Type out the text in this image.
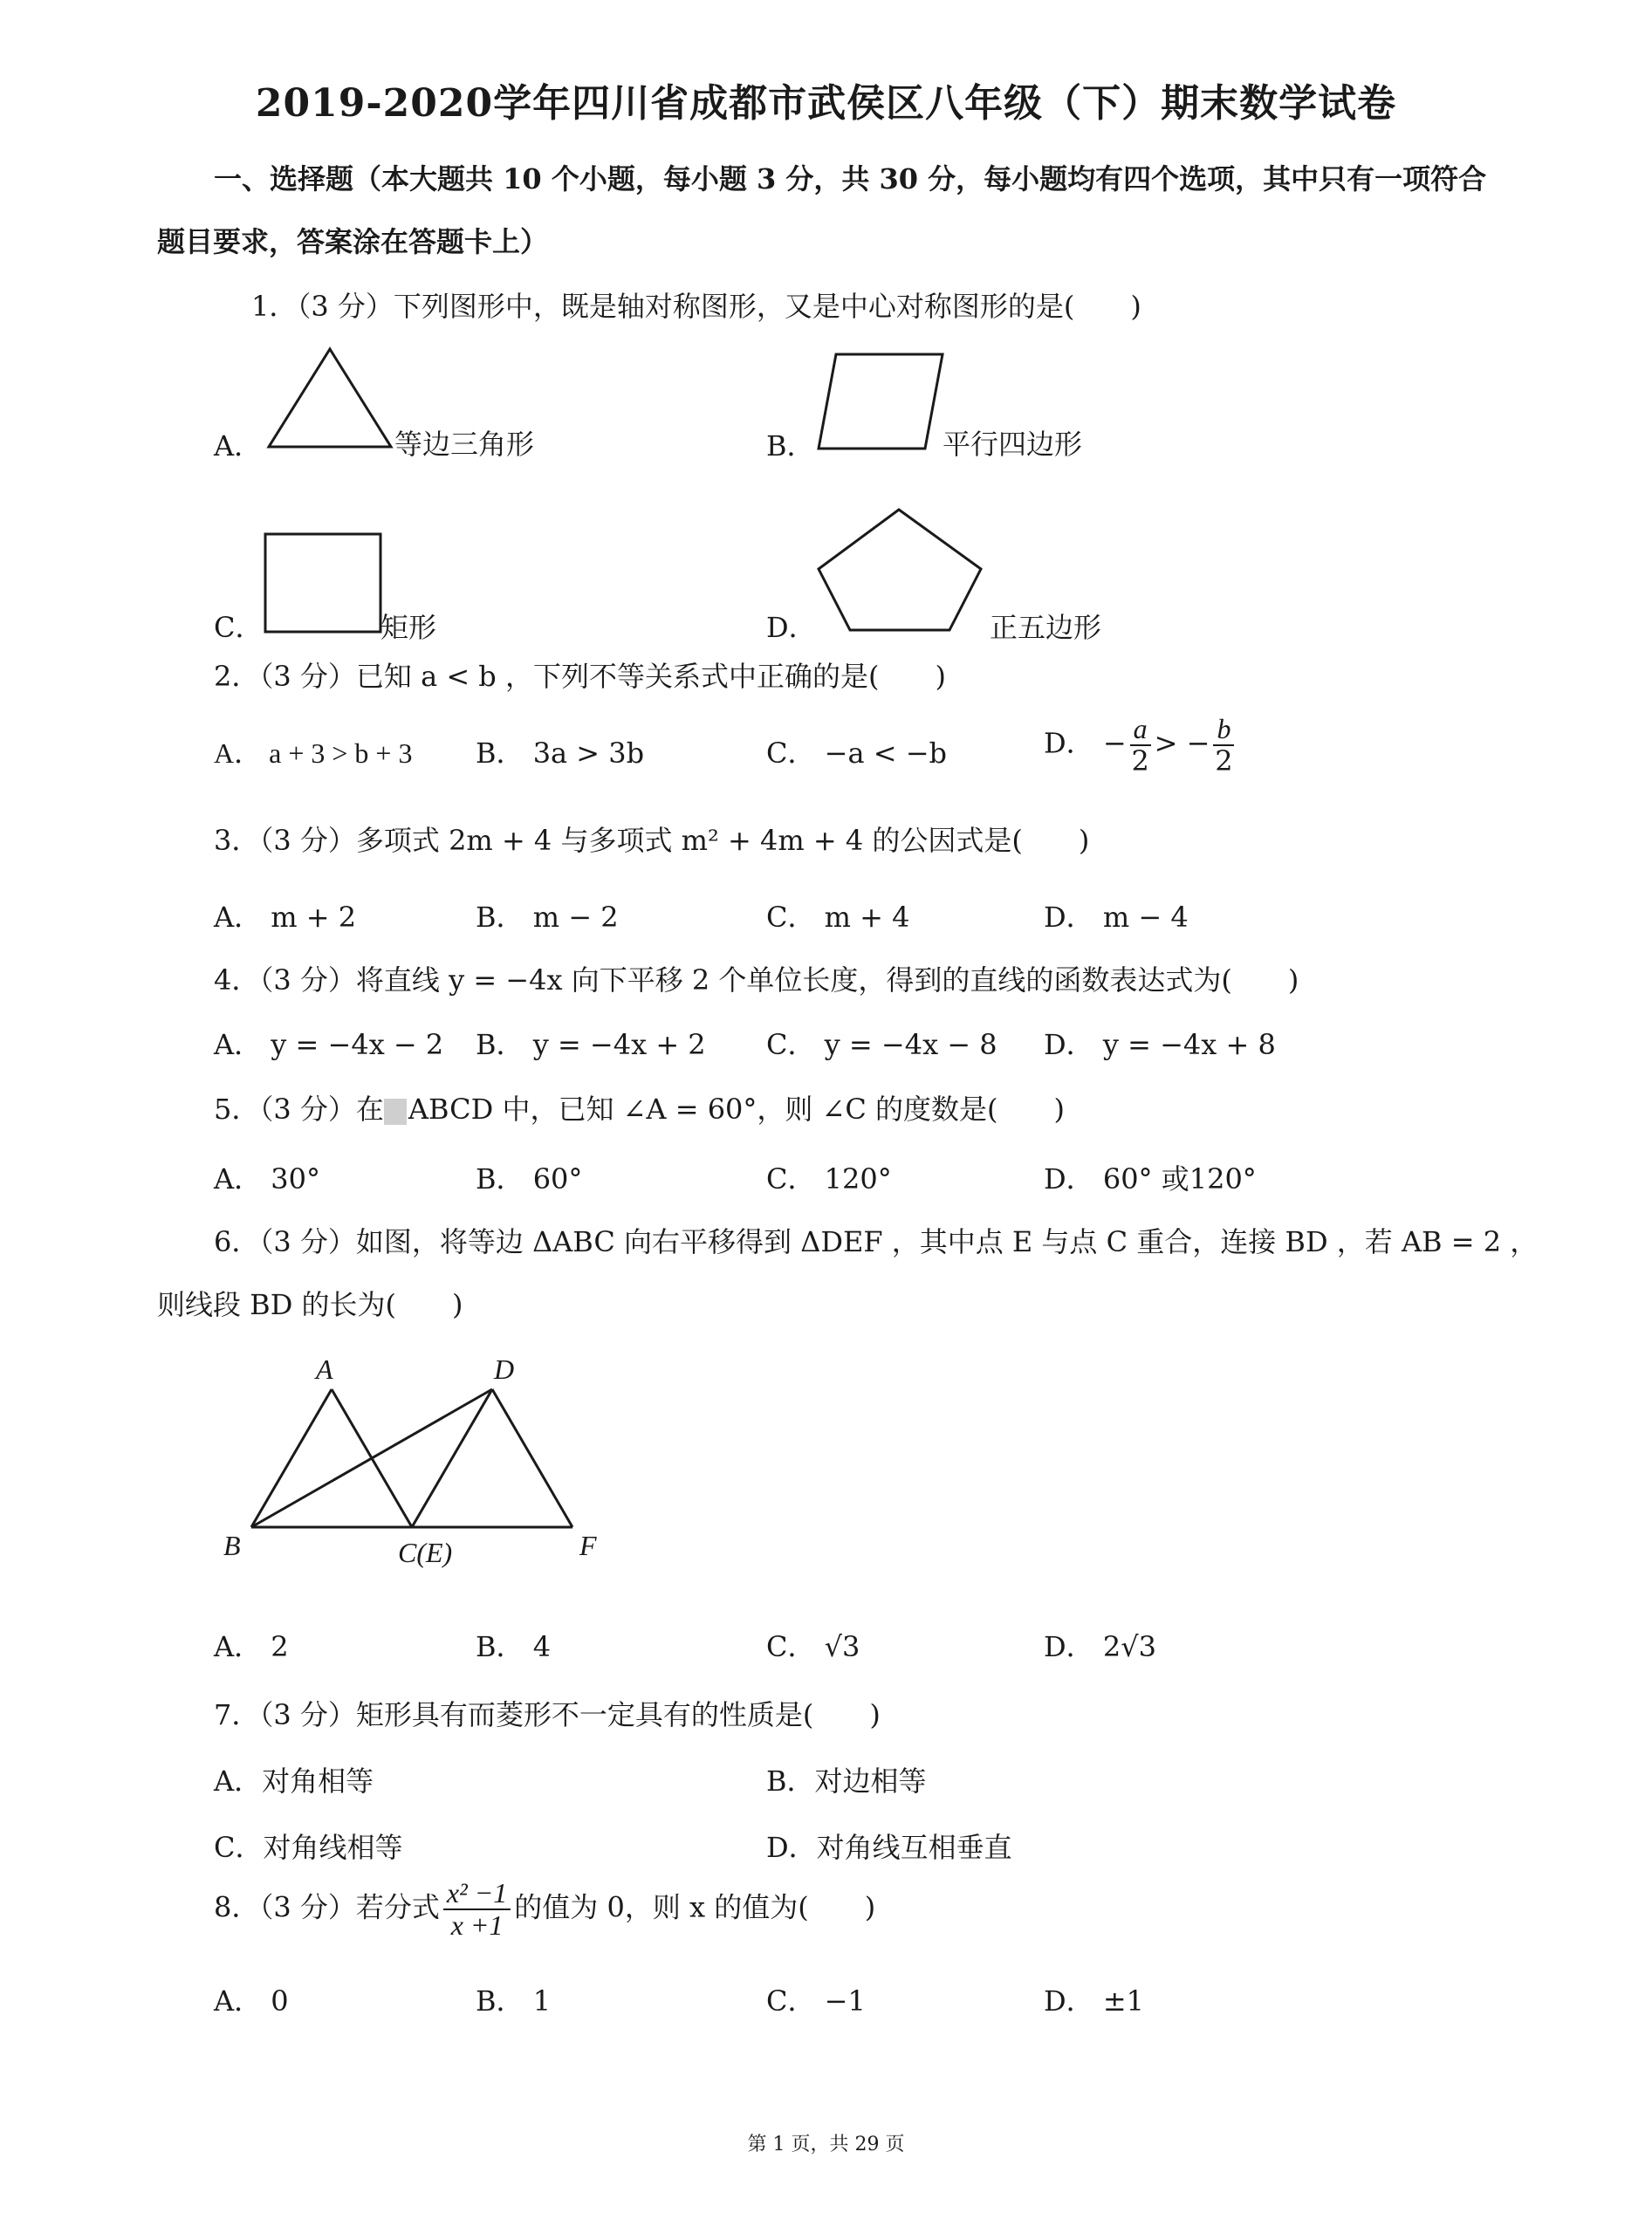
2019-2020学年四川省成都市武侯区八年级（下）期末数学试卷
一、选择题（本大题共 10 个小题，每小题 3 分，共 30 分，每小题均有四个选项，其中只有一项符合
题目要求，答案涂在答题卡上）
1．（3 分）下列图形中，既是轴对称图形，又是中心对称图形的是(　　)
A．	等边三角形	B．	平行四边形
C．	矩形	D．	正五边形
2．（3 分）已知 a < b ，下列不等关系式中正确的是(　　)
A． a + 3 > b + 3 B． 3a > 3b	C． −a < −b	D． − $\frac{a}{2}$ > − $\frac{b}{2}$
3．（3 分）多项式 2m + 4 与多项式 m² + 4m + 4 的公因式是(　　)
A． m + 2	B． m − 2	C． m + 4	D． m − 4
4．（3 分）将直线 y = −4x 向下平移 2 个单位长度，得到的直线的函数表达式为(　　)
A． y = −4x − 2 B． y = −4x + 2 C． y = −4x − 8 D． y = −4x + 8
5．（3 分）在 ABCD 中，已知 ∠A = 60°，则 ∠C 的度数是(　　)
A． 30°	B． 60°	C． 120°	D． 60° 或120°
6．（3 分）如图，将等边 ΔABC 向右平移得到 ΔDEF ，其中点 E 与点 C 重合，连接 BD ，若 AB = 2 ，
则线段 BD 的长为(　　)
A	D
B	C(E)	F
A． 2	B． 4	C． √3	D． 2√3
7．（3 分）矩形具有而菱形不一定具有的性质是(　　)
A．对角相等	B．对边相等
C．对角线相等	D．对角线互相垂直
8．（3 分）若分式 $\frac{\text{x² −1}}{x +1}$ 的值为 0，则 x 的值为(　　)
A． 0	B． 1	C． −1	D． ±1
第 1 页，共 29 页
